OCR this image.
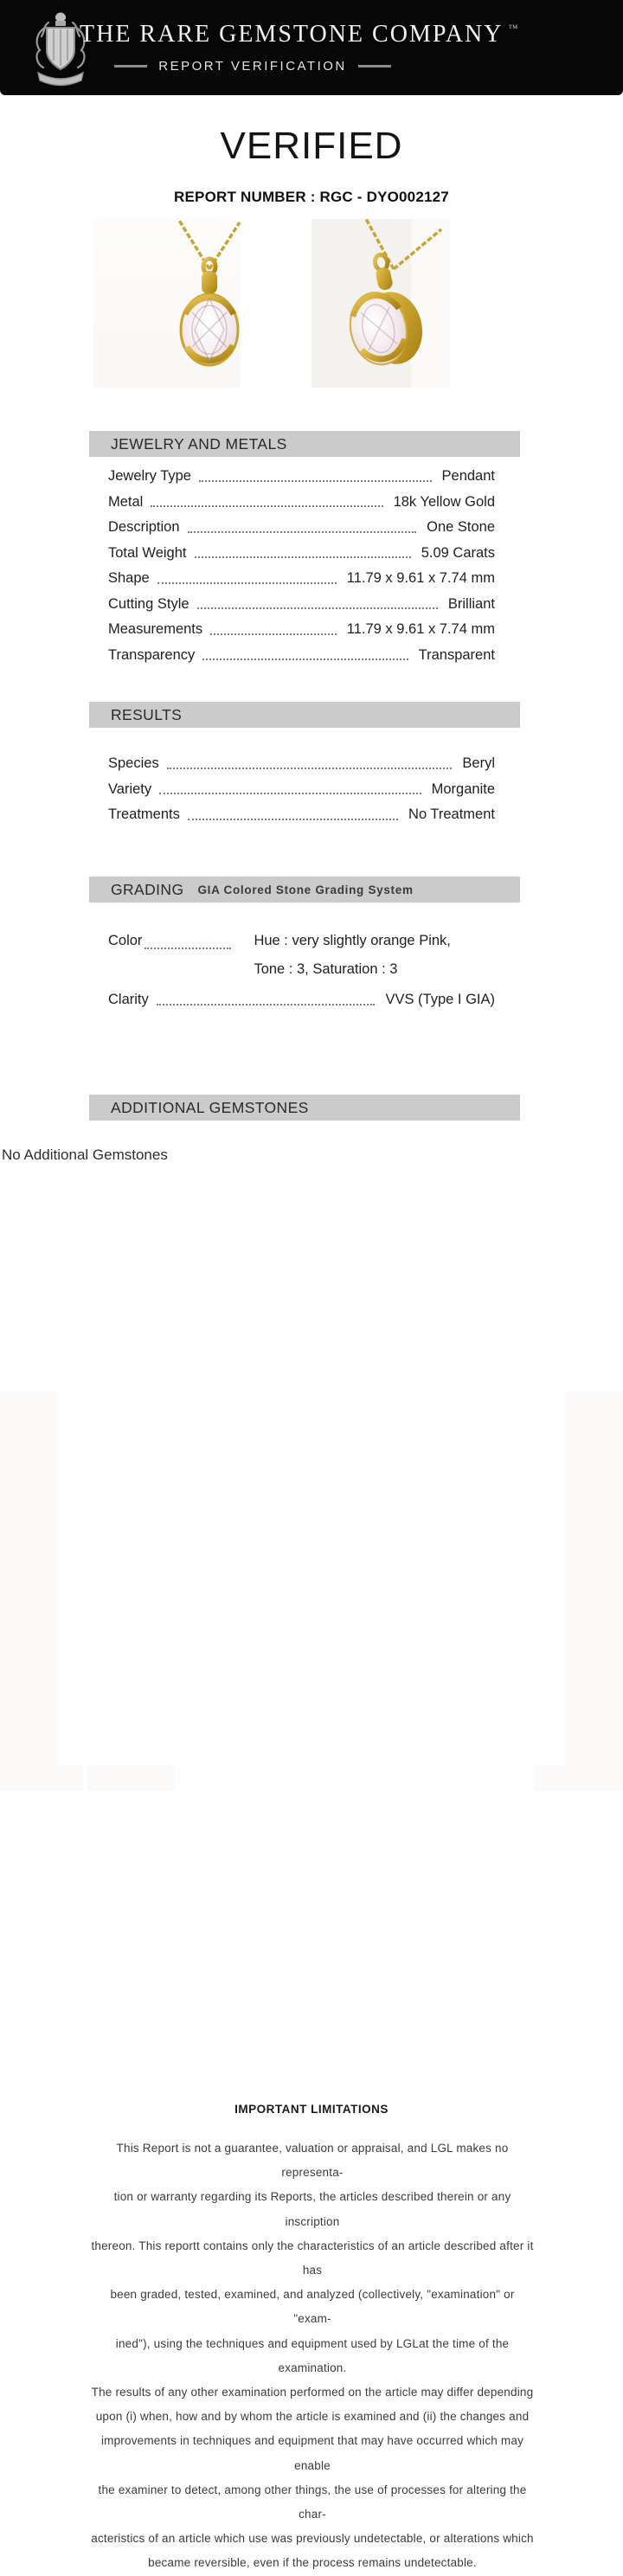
THE RARE GEMSTONE COMPANY ™
REPORT VERIFICATION
VERIFIED
REPORT NUMBER : RGC - DYO002127
JEWELRY AND METALS
Jewelry Type	Pendant
Metal	18k Yellow Gold
Description	One Stone
Total Weight	5.09 Carats
Shape	11.79 x 9.61 x 7.74 mm
Cutting Style	Brilliant
Measurements	11.79 x 9.61 x 7.74 mm
Transparency	Transparent
RESULTS
Species	Beryl
Variety	Morganite
Treatments	No Treatment
GRADING GIA Colored Stone Grading System
Color	Hue : very slightly orange Pink,
Tone : 3, Saturation : 3
Clarity	VVS (Type I GIA)
ADDITIONAL GEMSTONES
No Additional Gemstones
IMPORTANT LIMITATIONS
This Report is not a guarantee, valuation or appraisal, and LGL makes no representa-
tion or warranty regarding its Reports, the articles described therein or any inscription
thereon. This reportt contains only the characteristics of an article described after it has
been graded, tested, examined, and analyzed (collectively, "examination" or "exam-
ined"), using the techniques and equipment used by LGLat the time of the examination.
The results of any other examination performed on the article may differ depending
upon (i) when, how and by whom the article is examined and (ii) the changes and
improvements in techniques and equipment that may have occurred which may enable
the examiner to detect, among other things, the use of processes for altering the char-
acteristics of an article which use was previously undetectable, or alterations which
became reversible, even if the process remains undetectable.
